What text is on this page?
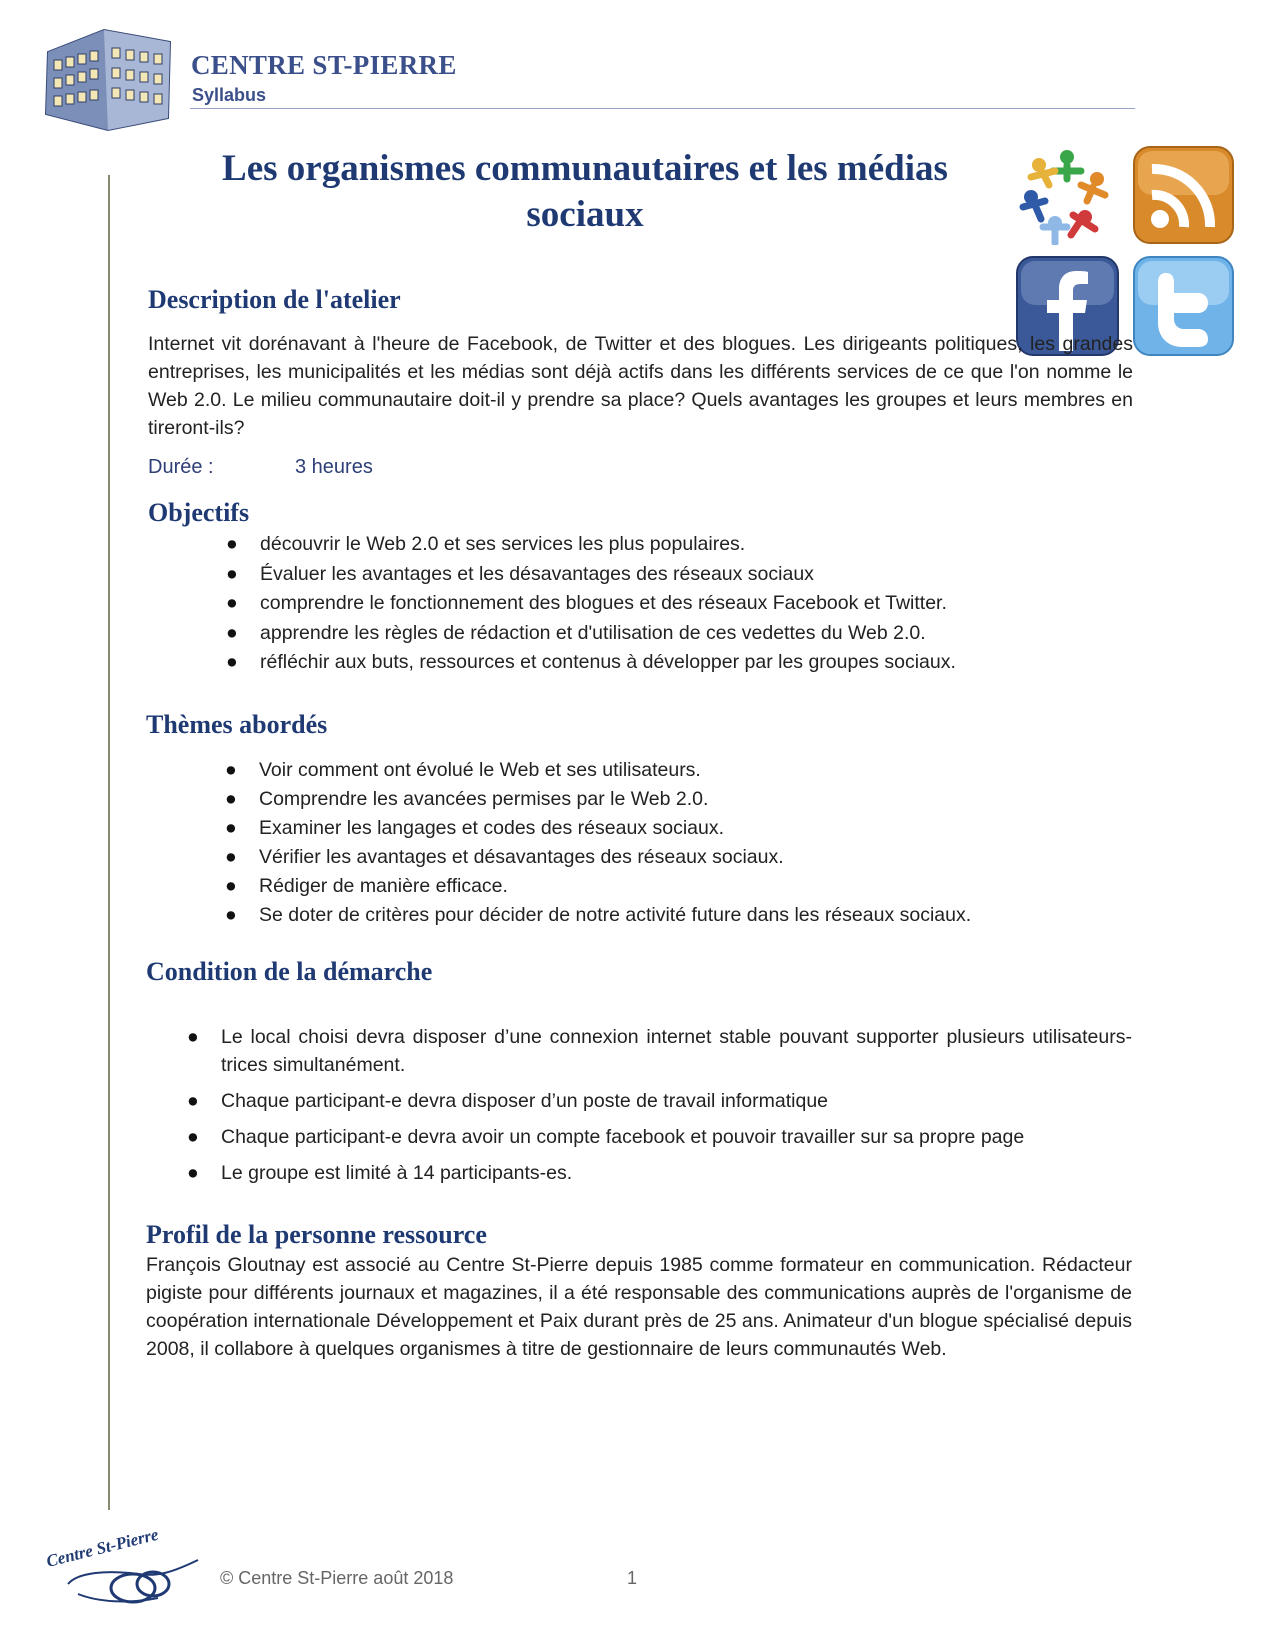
CENTRE ST-PIERRE
Syllabus
Les organismes communautaires et les médias sociaux
Description de l'atelier

Internet vit dorénavant à l'heure de Facebook, de Twitter et des blogues. Les dirigeants politiques, les grandes entreprises, les municipalités et les médias sont déjà actifs dans les différents services de ce que l'on nomme le Web 2.0. Le milieu communautaire doit-il y prendre sa place? Quels avantages les groupes et leurs membres en tireront-ils?

Durée :	3 heures
Objectifs
● découvrir le Web 2.0 et ses services les plus populaires.
● Évaluer les avantages et les désavantages des réseaux sociaux
● comprendre le fonctionnement des blogues et des réseaux Facebook et Twitter.
● apprendre les règles de rédaction et d'utilisation de ces vedettes du Web 2.0.
● réfléchir aux buts, ressources et contenus à développer par les groupes sociaux.
Thèmes abordés
● Voir comment ont évolué le Web et ses utilisateurs.
● Comprendre les avancées permises par le Web 2.0.
● Examiner les langages et codes des réseaux sociaux.
● Vérifier les avantages et désavantages des réseaux sociaux.
● Rédiger de manière efficace.
● Se doter de critères pour décider de notre activité future dans les réseaux sociaux.
Condition de la démarche
● Le local choisi devra disposer d’une connexion internet stable pouvant supporter plusieurs utilisateurs-trices simultanément.
● Chaque participant-e devra disposer d’un poste de travail informatique
● Chaque participant-e devra avoir un compte facebook et pouvoir travailler sur sa propre page
● Le groupe est limité à 14 participants-es.
Profil de la personne ressource

François Gloutnay est associé au Centre St-Pierre depuis 1985 comme formateur en communication. Rédacteur pigiste pour différents journaux et magazines, il a été responsable des communications auprès de l'organisme de coopération internationale Développement et Paix durant près de 25 ans. Animateur d'un blogue spécialisé depuis 2008, il collabore à quelques organismes à titre de gestionnaire de leurs communautés Web.

Centre St-Pierre
© Centre St-Pierre août 2018	1
